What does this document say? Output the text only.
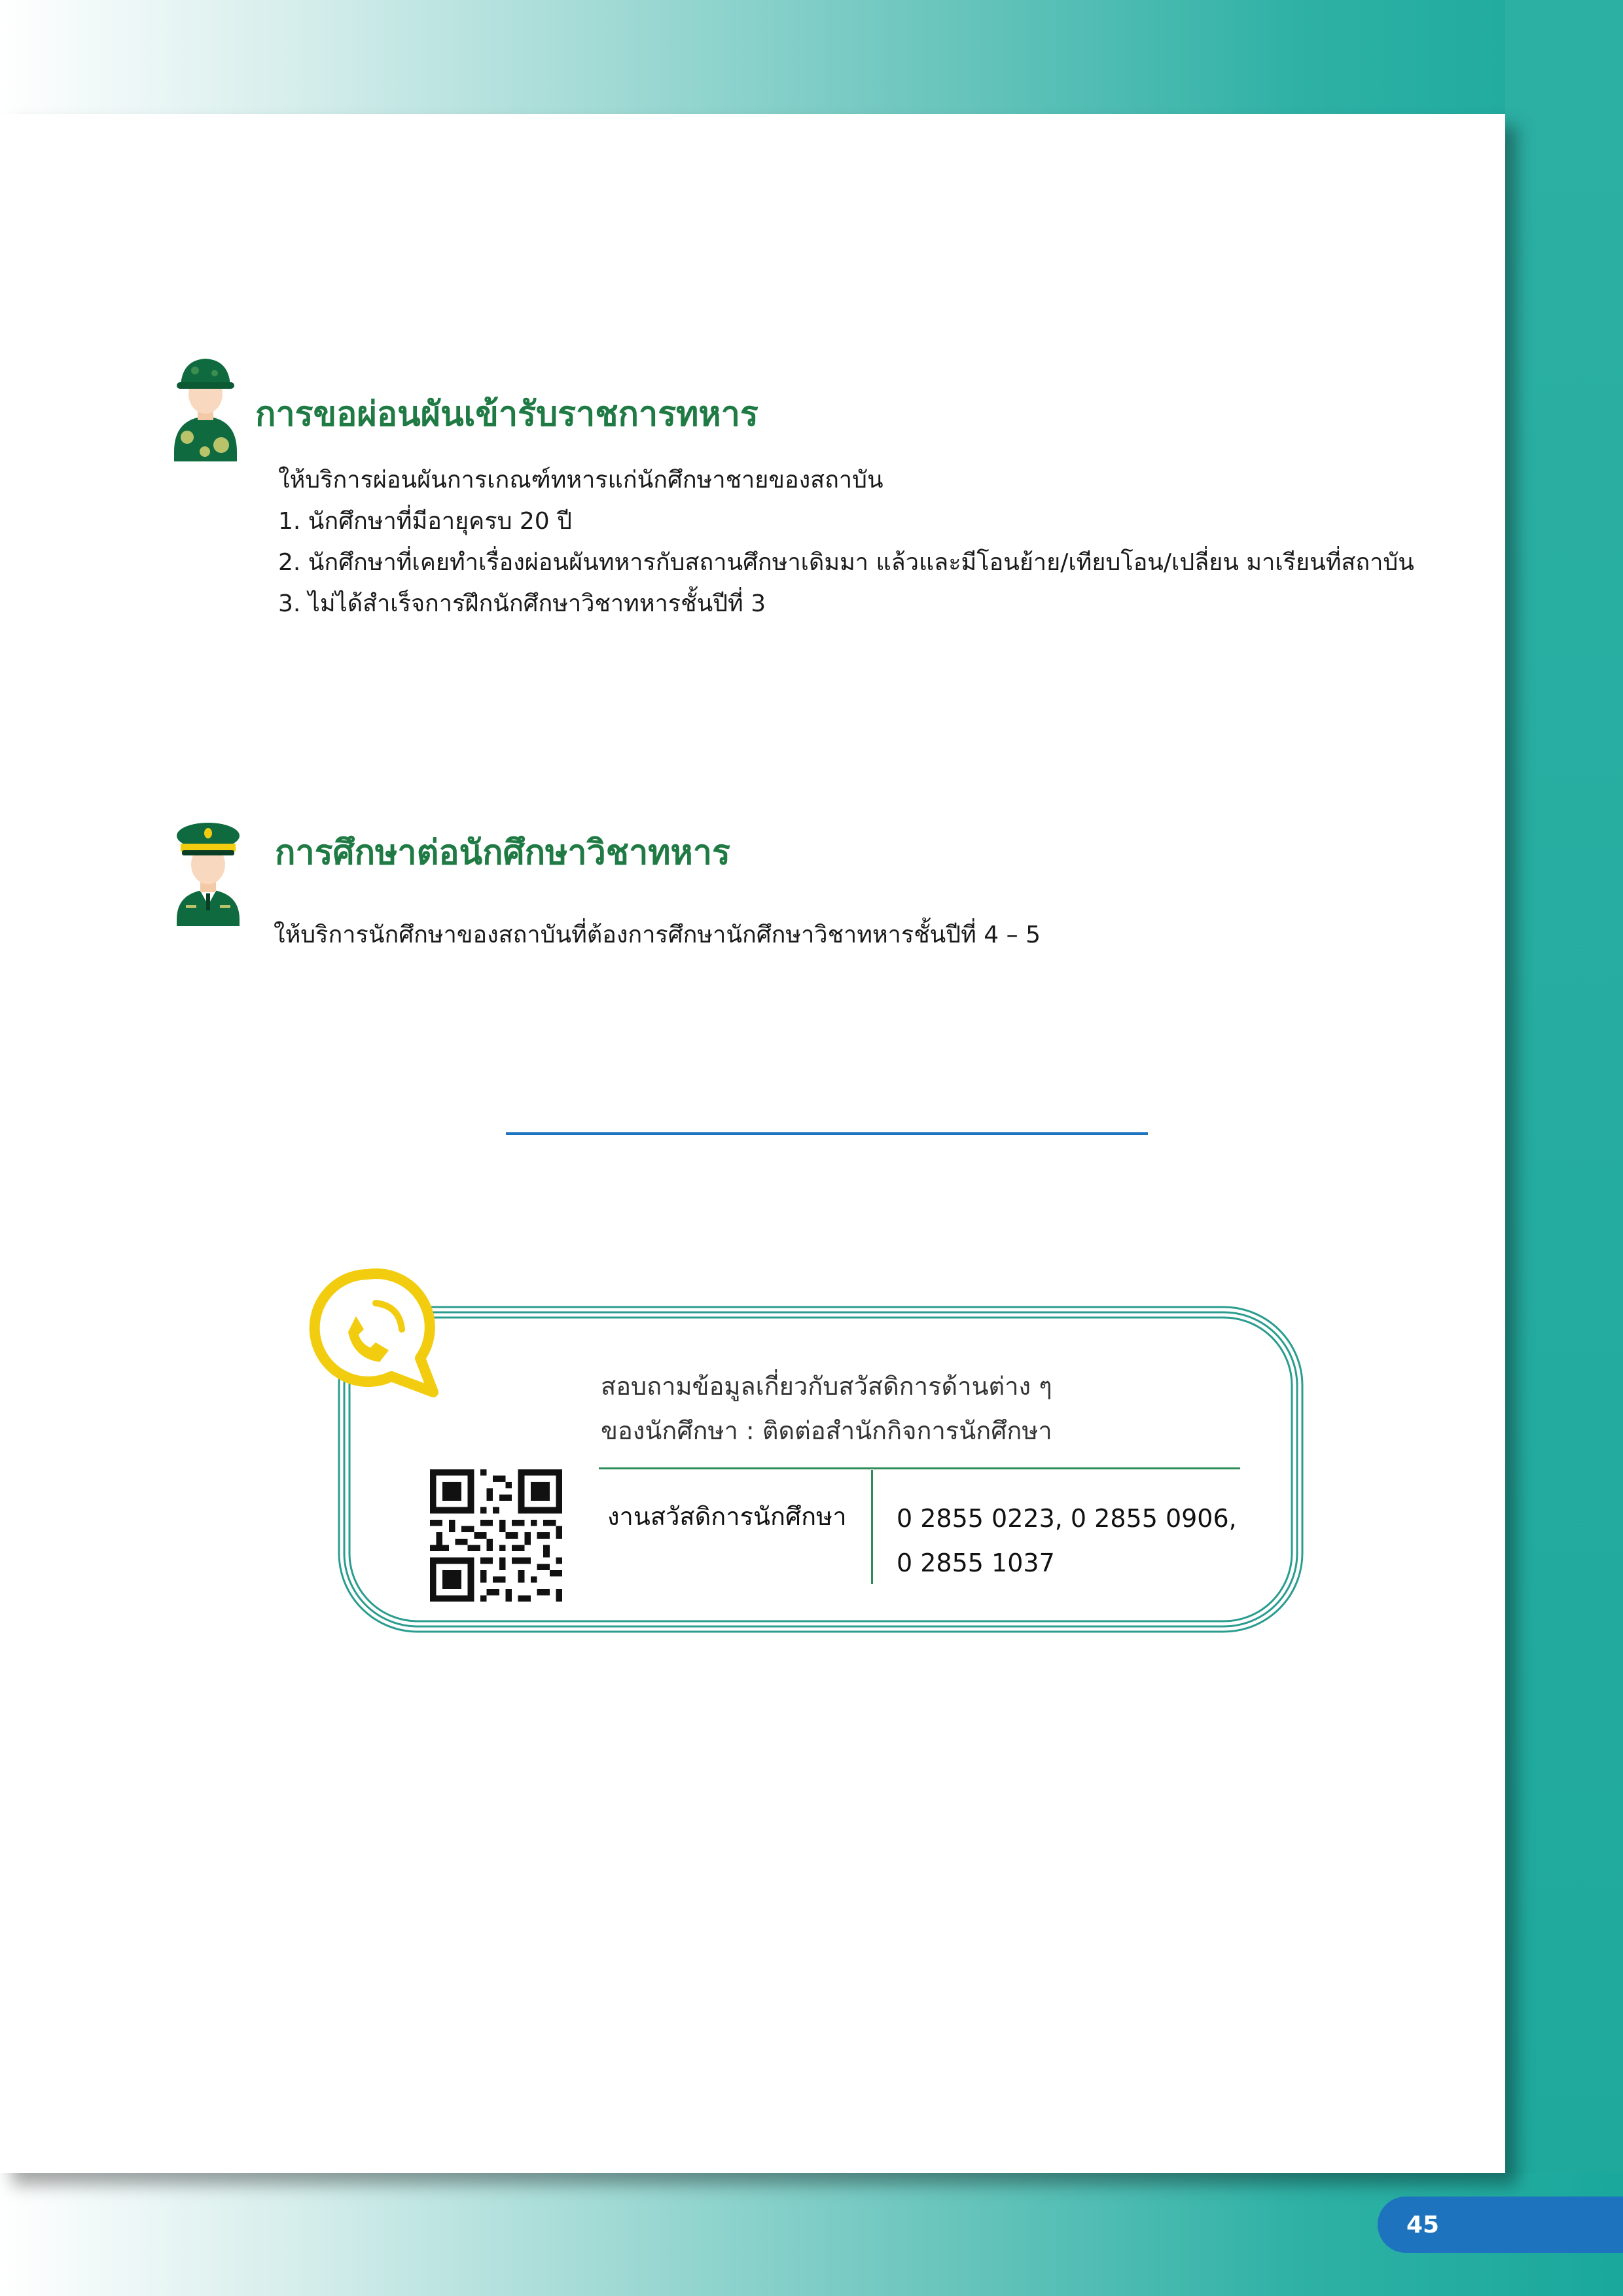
การขอผ่อนผันเข้ารับราชการทหาร
ให้บริการผ่อนผันการเกณฑ์ทหารแก่นักศึกษาชายของสถาบัน
1. นักศึกษาที่มีอายุครบ 20 ปี
2. นักศึกษาที่เคยทำเรื่องผ่อนผันทหารกับสถานศึกษาเดิมมา แล้วและมีโอนย้าย/เทียบโอน/เปลี่ยน มาเรียนที่สถาบัน
3. ไม่ได้สำเร็จการฝึกนักศึกษาวิชาทหารชั้นปีที่ 3
การศึกษาต่อนักศึกษาวิชาทหาร
ให้บริการนักศึกษาของสถาบันที่ต้องการศึกษานักศึกษาวิชาทหารชั้นปีที่ 4 – 5
สอบถามข้อมูลเกี่ยวกับสวัสดิการด้านต่าง ๆ
ของนักศึกษา : ติดต่อสำนักกิจการนักศึกษา
งานสวัสดิการนักศึกษา 0 2855 0223, 0 2855 0906,
0 2855 1037
45
